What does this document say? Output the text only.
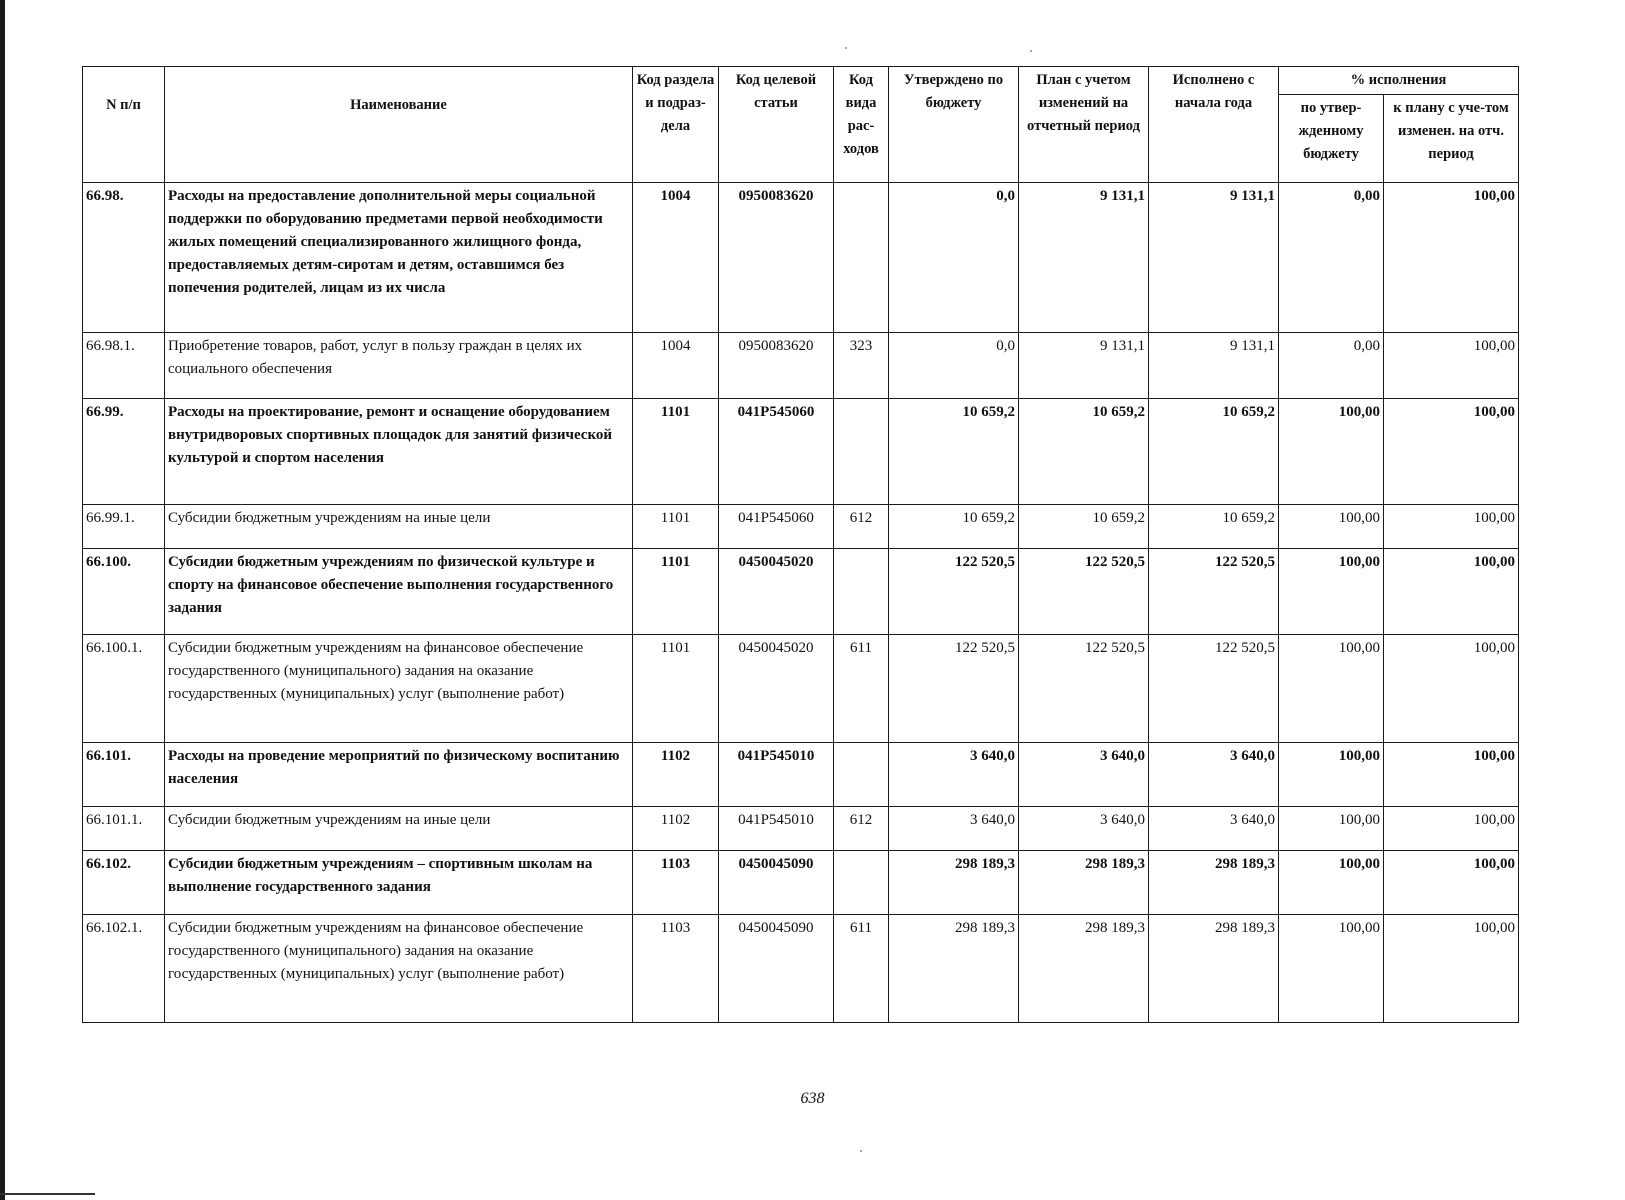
N п/п	Наименование	Код раздела и подраз-дела	Код целевой статьи	Код вида рас-ходов	Утверждено по бюджету	План с учетом изменений на отчетный период	Исполнено с начала года	% исполнения	
								по утвер-жденному бюджету	к плану с уче-том изменен. на отч. период
66.98.	Расходы на предоставление дополнительной меры социальной поддержки по оборудованию предметами первой необходимости жилых помещений специализированного жилищного фонда, предоставляемых детям-сиротам и детям, оставшимся без попечения родителей, лицам из их числа	1004	0950083620		0,0	9 131,1	9 131,1	0,00	100,00
66.98.1.	Приобретение товаров, работ, услуг в пользу граждан в целях их социального обеспечения	1004	0950083620	323	0,0	9 131,1	9 131,1	0,00	100,00
66.99.	Расходы на проектирование, ремонт и оснащение оборудованием внутридворовых спортивных площадок для занятий физической культурой и спортом населения	1101	041P545060		10 659,2	10 659,2	10 659,2	100,00	100,00
66.99.1.	Субсидии бюджетным учреждениям на иные цели	1101	041P545060	612	10 659,2	10 659,2	10 659,2	100,00	100,00
66.100.	Субсидии бюджетным учреждениям по физической культуре и спорту на финансовое обеспечение выполнения государственного задания	1101	0450045020		122 520,5	122 520,5	122 520,5	100,00	100,00
66.100.1.	Субсидии бюджетным учреждениям на финансовое обеспечение государственного (муниципального) задания на оказание государственных (муниципальных) услуг (выполнение работ)	1101	0450045020	611	122 520,5	122 520,5	122 520,5	100,00	100,00
66.101.	Расходы на проведение мероприятий по физическому воспитанию населения	1102	041P545010		3 640,0	3 640,0	3 640,0	100,00	100,00
66.101.1.	Субсидии бюджетным учреждениям на иные цели	1102	041P545010	612	3 640,0	3 640,0	3 640,0	100,00	100,00
66.102.	Субсидии бюджетным учреждениям – спортивным школам на выполнение государственного задания	1103	0450045090		298 189,3	298 189,3	298 189,3	100,00	100,00
66.102.1.	Субсидии бюджетным учреждениям на финансовое обеспечение государственного (муниципального) задания на оказание государственных (муниципальных) услуг (выполнение работ)	1103	0450045090	611	298 189,3	298 189,3	298 189,3	100,00	100,00
638
